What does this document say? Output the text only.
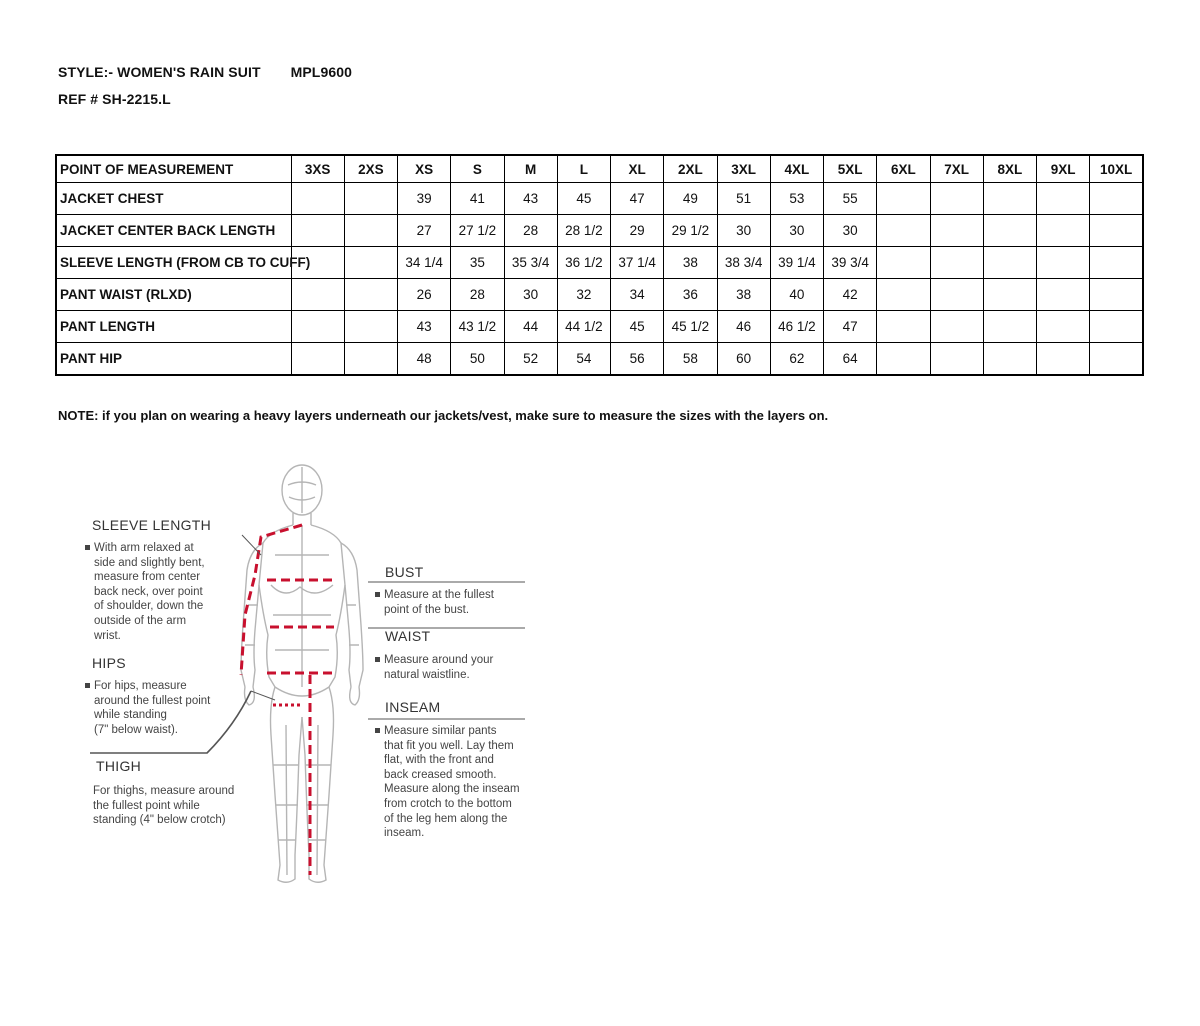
STYLE:- WOMEN'S RAIN SUIT MPL9600
REF # SH-2215.L
POINT OF MEASUREMENT	3XS	2XS	XS	S	M	L	XL	2XL	3XL	4XL	5XL	6XL	7XL	8XL	9XL	10XL
JACKET CHEST			39	41	43	45	47	49	51	53	55					
JACKET CENTER BACK LENGTH			27	27 1/2	28	28 1/2	29	29 1/2	30	30	30					
SLEEVE LENGTH (FROM CB TO CUFF)			34 1/4	35	35 3/4	36 1/2	37 1/4	38	38 3/4	39 1/4	39 3/4					
PANT WAIST (RLXD)			26	28	30	32	34	36	38	40	42					
PANT LENGTH			43	43 1/2	44	44 1/2	45	45 1/2	46	46 1/2	47					
PANT HIP			48	50	52	54	56	58	60	62	64					
NOTE: if you plan on wearing a heavy layers underneath our jackets/vest, make sure to measure the sizes with the layers on.
SLEEVE LENGTH
With arm relaxed at
side and slightly bent,
measure from center
back neck, over point
of shoulder, down the
outside of the arm
wrist.
HIPS
For hips, measure
around the fullest point
while standing
(7" below waist).
THIGH
For thighs, measure around
the fullest point while
standing (4" below crotch)
BUST
Measure at the fullest
point of the bust.
WAIST
Measure around your
natural waistline.
INSEAM
Measure similar pants
that fit you well. Lay them
flat, with the front and
back creased smooth.
Measure along the inseam
from crotch to the bottom
of the leg hem along the
inseam.
